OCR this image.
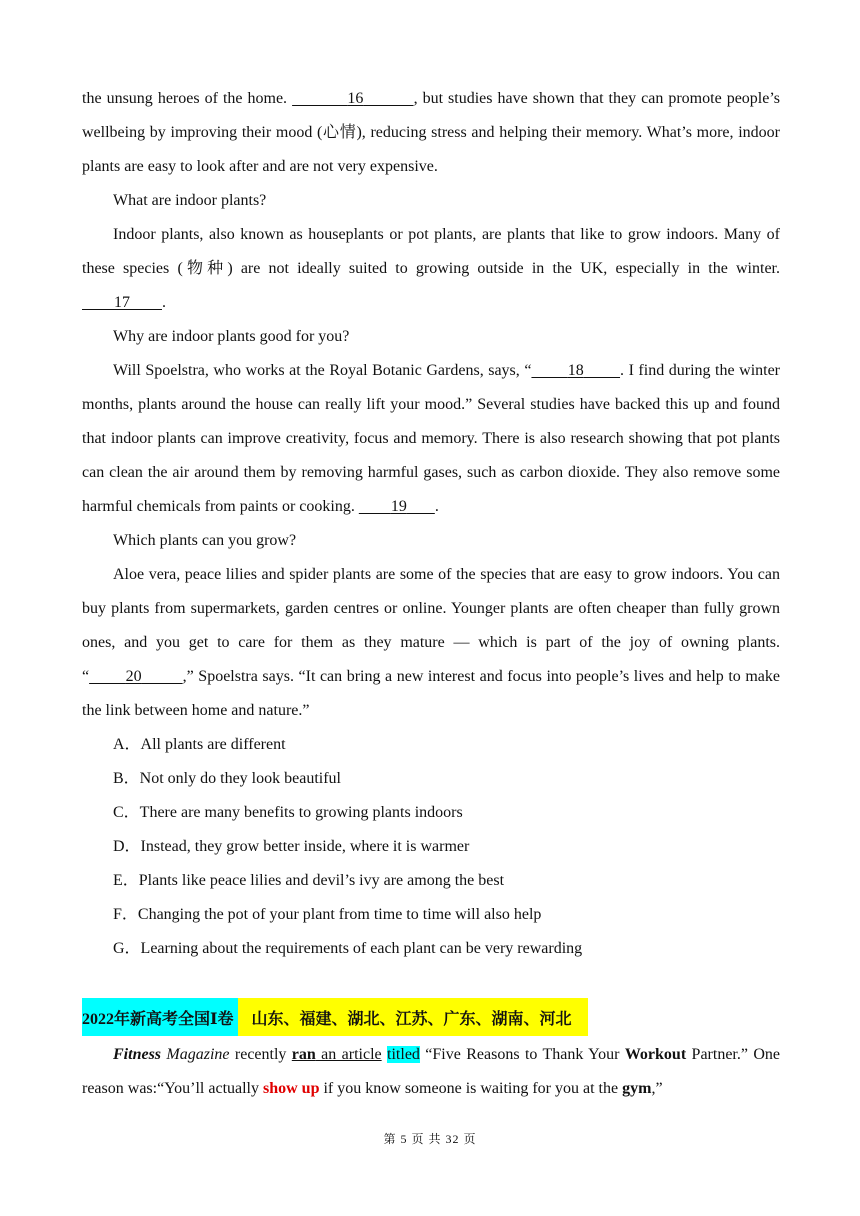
the unsung heroes of the home.	16	, but studies have shown that they can promote people’s wellbeing by improving their mood (心情), reducing stress and helping their memory. What’s more, indoor plants are easy to look after and are not very expensive.

What are indoor plants?

Indoor plants, also known as houseplants or pot plants, are plants that like to grow indoors. Many of these species (物种) are not ideally suited to growing outside in the UK, especially in the winter.         17 .

Why are indoor plants good for you?

Will Spoelstra, who works at the Royal Botanic Gardens, says, “ 18 . I find during the winter months, plants around the house can really lift your mood.” Several studies have backed this up and found that indoor plants can improve creativity, focus and memory. There is also research showing that pot plants can clean the air around them by removing harmful gases, such as carbon dioxide. They also remove some harmful chemicals from paints or cooking.         19 .

Which plants can you grow?

Aloe vera, peace lilies and spider plants are some of the species that are easy to grow indoors. You can buy plants from supermarkets, garden centres or online. Younger plants are often cheaper than fully grown ones, and you get to care for them as they mature — which is part of the joy of owning plants. “ 20	,” Spoelstra says. “It can bring a new interest and focus into people’s lives and help to make the link between home and nature.”

A．All plants are different

B．Not only do they look beautiful

C．There are many benefits to growing plants indoors

D．Instead, they grow better inside, where it is warmer

E．Plants like peace lilies and devil’s ivy are among the best

F．Changing the pot of your plant from time to time will also help

G．Learning about the requirements of each plant can be very rewarding

2022年新高考全国Ⅰ卷	山东、福建、湖北、江苏、广东、湖南、河北

Fitness Magazine recently ran an article titled “Five Reasons to Thank Your Workout Partner.” One reason was:“You’ll actually show up if you know someone is waiting for you at the gym,”

第 5 页 共 32 页
